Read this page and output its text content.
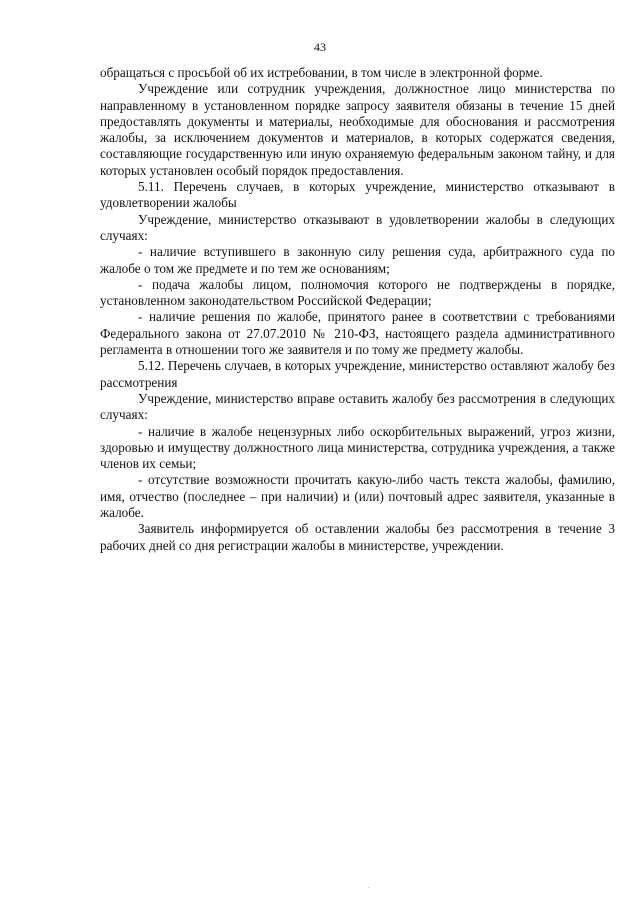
43

обращаться с просьбой об их истребовании, в том числе в электронной форме.

Учреждение или сотрудник учреждения, должностное лицо министерства по направленному в установленном порядке запросу заявителя обязаны в течение 15 дней предоставлять документы и материалы, необходимые для обоснования и рассмотрения жалобы, за исключением документов и материалов, в которых содержатся сведения, составляющие государственную или иную охраняемую федеральным законом тайну, и для которых установлен особый порядок предоставления.

5.11. Перечень случаев, в которых учреждение, министерство отказывают в удовлетворении жалобы

Учреждение, министерство отказывают в удовлетворении жалобы в следующих случаях:

- наличие вступившего в законную силу решения суда, арбитражного суда по жалобе о том же предмете и по тем же основаниям;

- подача жалобы лицом, полномочия которого не подтверждены в порядке, установленном законодательством Российской Федерации;

- наличие решения по жалобе, принятого ранее в соответствии с требованиями Федерального закона от 27.07.2010 № 210-ФЗ, настоящего раздела административного регламента в отношении того же заявителя и по тому же предмету жалобы.

5.12. Перечень случаев, в которых учреждение, министерство оставляют жалобу без рассмотрения

Учреждение, министерство вправе оставить жалобу без рассмотрения в следующих случаях:

- наличие в жалобе нецензурных либо оскорбительных выражений, угроз жизни, здоровью и имуществу должностного лица министерства, сотрудника учреждения, а также членов их семьи;

- отсутствие возможности прочитать какую-либо часть текста жалобы, фамилию, имя, отчество (последнее – при наличии) и (или) почтовый адрес заявителя, указанные в жалобе.

Заявитель информируется об оставлении жалобы без рассмотрения в течение 3 рабочих дней со дня регистрации жалобы в министерстве, учреждении.

.
